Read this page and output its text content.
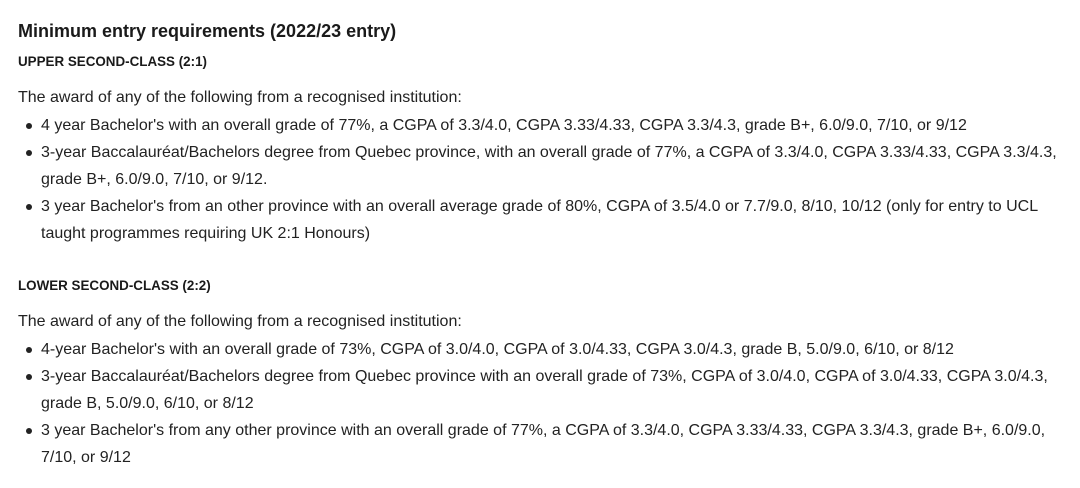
Minimum entry requirements (2022/23 entry)
UPPER SECOND-CLASS (2:1)

The award of any of the following from a recognised institution:

4 year Bachelor's with an overall grade of 77%, a CGPA of 3.3/4.0, CGPA 3.33/4.33, CGPA 3.3/4.3, grade B+, 6.0/9.0, 7/10, or 9/12
3-year Baccalauréat/Bachelors degree from Quebec province, with an overall grade of 77%, a CGPA of 3.3/4.0, CGPA 3.33/4.33, CGPA 3.3/4.3, grade B+, 6.0/9.0, 7/10, or 9/12.
3 year Bachelor's from an other province with an overall average grade of 80%, CGPA of 3.5/4.0 or 7.7/9.0, 8/10, 10/12 (only for entry to UCL taught programmes requiring UK 2:1 Honours)
LOWER SECOND-CLASS (2:2)

The award of any of the following from a recognised institution:

4-year Bachelor's with an overall grade of 73%, CGPA of 3.0/4.0, CGPA of 3.0/4.33, CGPA 3.0/4.3, grade B, 5.0/9.0, 6/10, or 8/12
3-year Baccalauréat/Bachelors degree from Quebec province with an overall grade of 73%, CGPA of 3.0/4.0, CGPA of 3.0/4.33, CGPA 3.0/4.3, grade B, 5.0/9.0, 6/10, or 8/12
3 year Bachelor's from any other province with an overall grade of 77%, a CGPA of 3.3/4.0, CGPA 3.33/4.33, CGPA 3.3/4.3, grade B+, 6.0/9.0, 7/10, or 9/12
